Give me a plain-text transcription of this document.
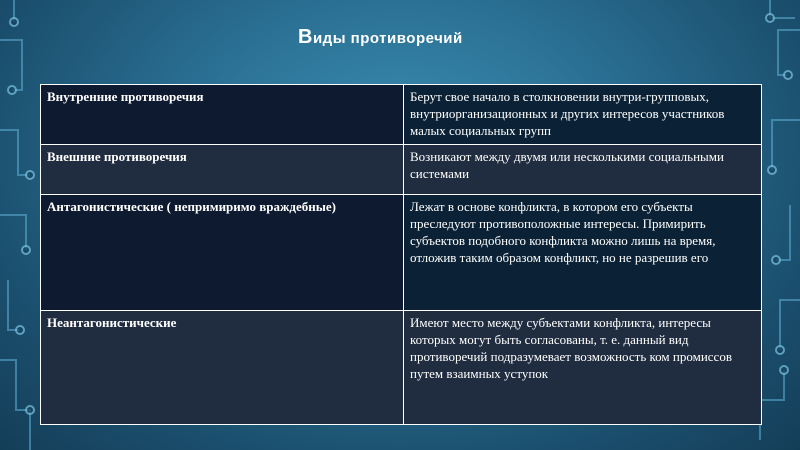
Виды противоречий
Внутренние противоречия	Берут свое начало в столкновении внутри-групповых, внутриорганизационных и других интересов участников малых социальных групп
Внешние противоречия	Возникают между двумя или несколькими социальными системами
Антагонистические ( непримиримо враждебные)	Лежат в основе конфликта, в котором его субъекты преследуют противоположные интересы. Примирить субъектов подобного конфликта можно лишь на время, отложив таким образом конфликт, но не разрешив его
Неантагонистические	Имеют место между субъектами конфликта, интересы которых могут быть согласованы, т. е. данный вид противоречий подразумевает возможность ком промиссов путем взаимных уступок
